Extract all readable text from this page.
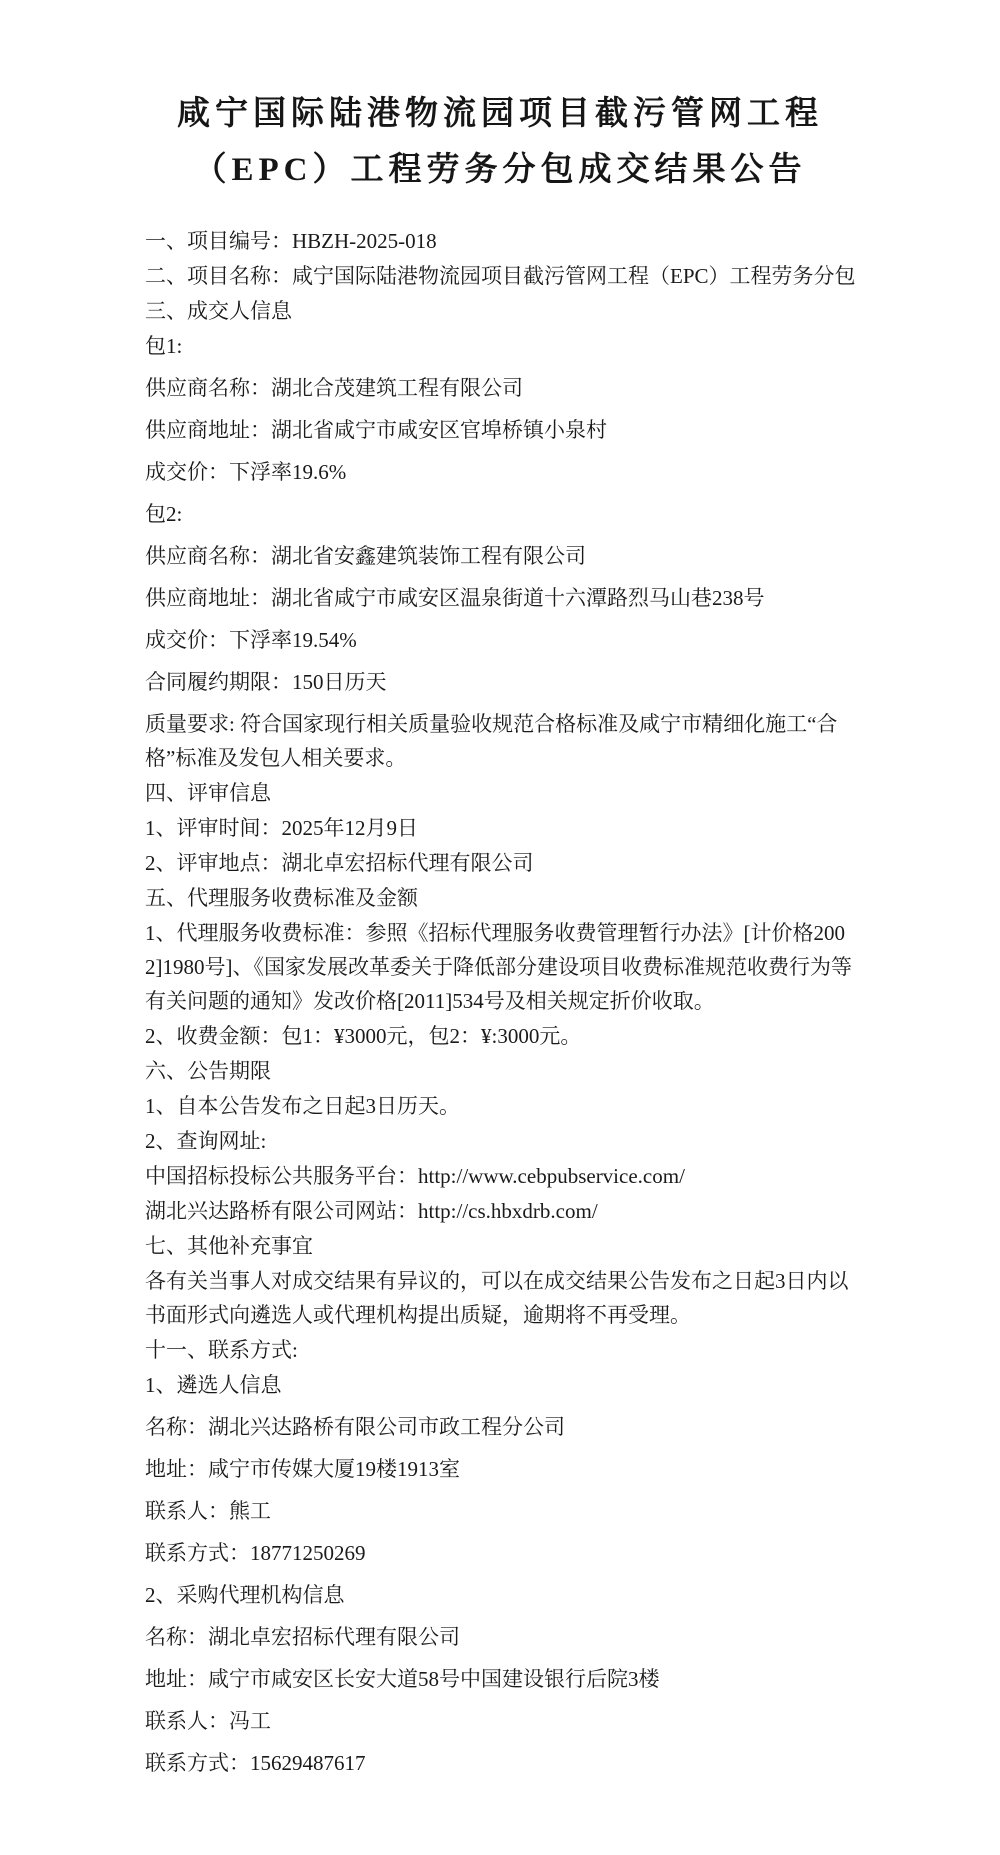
咸宁国际陆港物流园项目截污管网工程
（EPC）工程劳务分包成交结果公告

一、项目编号：HBZH-2025-018

二、项目名称：咸宁国际陆港物流园项目截污管网工程（EPC）工程劳务分包

三、成交人信息

包1:

供应商名称：湖北合茂建筑工程有限公司

供应商地址：湖北省咸宁市咸安区官埠桥镇小泉村

成交价：下浮率19.6%

包2:

供应商名称：湖北省安鑫建筑装饰工程有限公司

供应商地址：湖北省咸宁市咸安区温泉街道十六潭路烈马山巷238号

成交价：下浮率19.54%

合同履约期限：150日历天

质量要求: 符合国家现行相关质量验收规范合格标准及咸宁市精细化施工“合格”标准及发包人相关要求。

四、评审信息

1、评审时间：2025年12月9日

2、评审地点：湖北卓宏招标代理有限公司

五、代理服务收费标准及金额

1、代理服务收费标准：参照《招标代理服务收费管理暂行办法》[计价格2002]1980号]、《国家发展改革委关于降低部分建设项目收费标准规范收费行为等有关问题的通知》发改价格[2011]534号及相关规定折价收取。

2、收费金额：包1：¥3000元，包2：¥:3000元。

六、公告期限

1、自本公告发布之日起3日历天。

2、查询网址:

中国招标投标公共服务平台：http://www.cebpubservice.com/

湖北兴达路桥有限公司网站：http://cs.hbxdrb.com/

七、其他补充事宜

各有关当事人对成交结果有异议的，可以在成交结果公告发布之日起3日内以书面形式向遴选人或代理机构提出质疑，逾期将不再受理。

十一、联系方式:

1、遴选人信息

名称：湖北兴达路桥有限公司市政工程分公司

地址：咸宁市传媒大厦19楼1913室

联系人：熊工

联系方式：18771250269

2、采购代理机构信息

名称：湖北卓宏招标代理有限公司

地址：咸宁市咸安区长安大道58号中国建设银行后院3楼

联系人：冯工

联系方式：15629487617
